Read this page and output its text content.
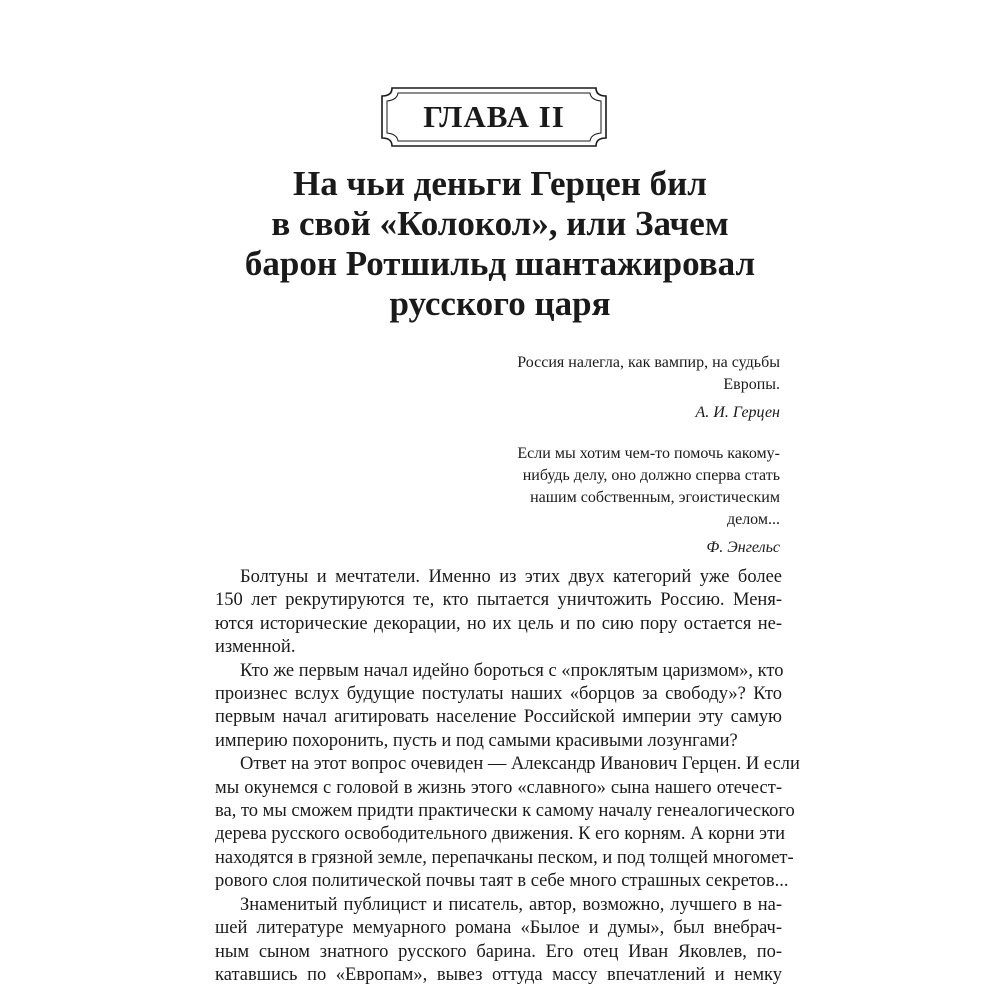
ГЛАВА II
На чьи деньги Герцен бил
в свой «Колокол», или Зачем
барон Ротшильд шантажировал
русского царя

Россия налегла, как вампир, на судьбы
Европы.

А. И. Герцен

Если мы хотим чем-то помочь какому-
нибудь делу, оно должно сперва стать
нашим собственным, эгоистическим
делом...

Ф. Энгельс

Болтуны и мечтатели. Именно из этих двух категорий уже более
150 лет рекрутируются те, кто пытается уничтожить Россию. Меня-
ются исторические декорации, но их цель и по сию пору остается не-
изменной.
Кто же первым начал идейно бороться с «проклятым царизмом», кто
произнес вслух будущие постулаты наших «борцов за свободу»? Кто
первым начал агитировать население Российской империи эту самую
империю похоронить, пусть и под самыми красивыми лозунгами?
Ответ на этот вопрос очевиден — Александр Иванович Герцен. И если
мы окунемся с головой в жизнь этого «славного» сына нашего отечест-
ва, то мы сможем придти практически к самому началу генеалогического
дерева русского освободительного движения. К его корням. А корни эти
находятся в грязной земле, перепачканы песком, и под толщей многомет-
рового слоя политической почвы таят в себе много страшных секретов...
Знаменитый публицист и писатель, автор, возможно, лучшего в на-
шей литературе мемуарного романа «Былое и думы», был внебрач-
ным сыном знатного русского барина. Его отец Иван Яковлев, по-
катавшись по «Европам», вывез оттуда массу впечатлений и немку
